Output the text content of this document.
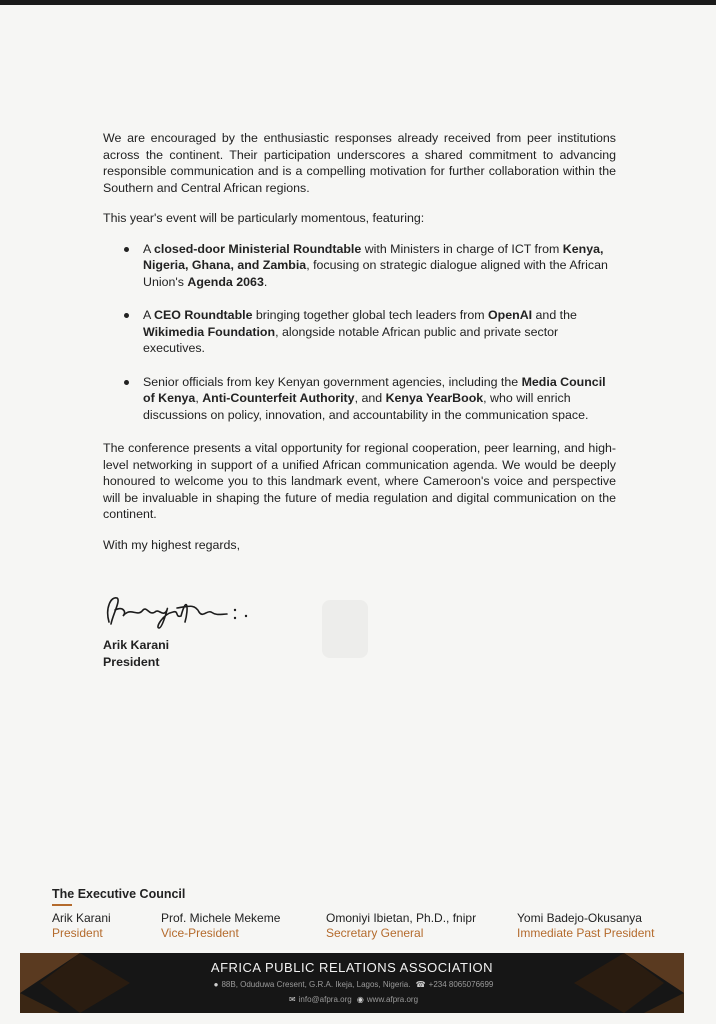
We are encouraged by the enthusiastic responses already received from peer institutions across the continent. Their participation underscores a shared commitment to advancing responsible communication and is a compelling motivation for further collaboration within the Southern and Central African regions.

This year's event will be particularly momentous, featuring:

A closed-door Ministerial Roundtable with Ministers in charge of ICT from Kenya, Nigeria, Ghana, and Zambia, focusing on strategic dialogue aligned with the African Union's Agenda 2063.
A CEO Roundtable bringing together global tech leaders from OpenAI and the Wikimedia Foundation, alongside notable African public and private sector executives.
Senior officials from key Kenyan government agencies, including the Media Council of Kenya, Anti-Counterfeit Authority, and Kenya YearBook, who will enrich discussions on policy, innovation, and accountability in the communication space.

The conference presents a vital opportunity for regional cooperation, peer learning, and high-level networking in support of a unified African communication agenda. We would be deeply honoured to welcome you to this landmark event, where Cameroon's voice and perspective will be invaluable in shaping the future of media regulation and digital communication on the continent.

With my highest regards,

Arik Karani
President
The Executive Council
Arik Karani
President
Prof. Michele Mekeme
Vice-President
Omoniyi Ibietan, Ph.D., fnipr
Secretary General
Yomi Badejo-Okusanya
Immediate Past President
AFRICA PUBLIC RELATIONS ASSOCIATION
● 88B, Oduduwa Cresent, G.R.A. Ikeja, Lagos, Nigeria. ☎ +234 8065076699
✉ info@afpra.org ◉ www.afpra.org
